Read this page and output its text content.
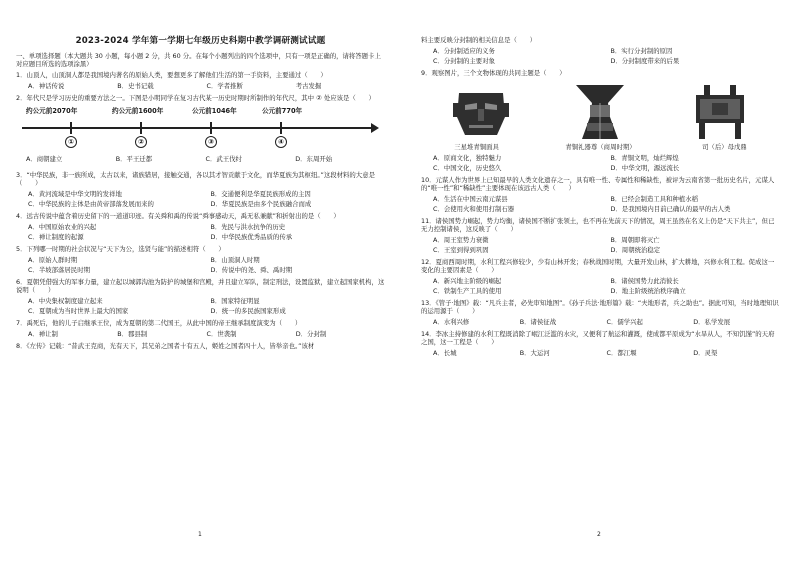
2023-2024 学年第一学期七年级历史科期中教学调研测试试题
一、单项选择题（本大题共 30 小题，每小题 2 分，共 60 分。在每个小题列出的四个选项中，只有一项是正确的，请将答题卡上对应题目所选的选项涂黑）
1．山顶人，山顶洞人都是我国境内著名的原始人类，要想更多了解他们生活的第一手资料，主要通过（　　）
A．神话传说	B．史书记载	C．学者推断	考古发掘
2．年代尺是学习历史的重要方法之一。下图是小明同学在复习古代某一历史时期时所制作的年代尺，其中 ② 处应该是（　　）
约公元前2070年	约公元前1600年	公元前1046年	公元前770年
①	②	③	④
A．商朝建立	B．平王迁都	C．武王伐纣	D．东周开始
3．“中华民族，非一族所成，太古以来，诸族错居，接触交通，各以其才智贡献于文化，而华夏族为其枢纽。”这段材料的大意是（　　）
A．黄河流域是中华文明的发祥地	B．交通便利是华夏民族形成的主因
C．中华民族的主体是由黄帝部落发展而来的	D．华夏民族是由多个民族融合而成
4．远古传说中蕴含着历史留下的一道道印迹。有关舜和禹的传说“舜事感动天，禹无私兼献”和折射出的是（　　）
A．中国原始农业的兴起	B．先民与洪水抗争的历史
C．禅让制度的起源	D．中华民族优秀品质的传承
5．下列哪一时期的社会状况与“天下为公，选贤与能”的描述相符（　　）
A．原始人群时期	B．山顶洞人时期
C．半坡部落居民时期	D．传说中的尧、舜、禹时期
6．夏朝凭借强大的军事力量，建立起以城郭沟池为防护的城堡和宫殿，并且建立军队，制定刑法，设置监狱，建立起国家机构，这说明（　　）
A．中央集权制度建立起来	B．国家特征明显
C．夏朝成为当时世界上最大的国家	D．统一的多民族国家形成
7．禹死后，他的儿子启继承王位，成为夏朝的第二代国王，从此中国的帝王继承制度演变为（　　）
A．禅让制	B．郡县制	C．世袭制	D．分封制
8．《左传》记载：“昔武王克商，光有天下，其兄弟之国者十有五人，姬姓之国者四十人，皆举亲也。”该材
1
料主要反映分封制的相关信息是（　　）
A．分封制适应的义务	B．实行分封制的原因
C．分封制的主要对象	D．分封制度带来的后果
9．观察图片，三个文物体现的共同主题是（　　）
三星堆青铜面具	青铜礼器尊（商周时期）	司（后）母戊鼎
A．原商文化，独特魅力	B．青铜文明，灿烂辉煌
C．中国文化，历史悠久	D．中华文明，源远流长
10．元谋人作为世界上已知最早的人类文化遗存之一，具有唯一性、专属性和稀缺性，被评为云南省第一批历史名片，元谋人的“唯一性”和“稀缺性”主要体现在该远古人类（　　）
A．生活在中国云南元谋县	B．已经会制造工具和种植水稻
C．会使用火和使用打制石器	D．是我国境内目前已确认的最早的古人类
11．诸侯国势力崛起，势力均衡，诸侯国不断扩张领土，也不再在先前天下的情况，周王虽然在名义上仍是“天下共主”，但已无力控制诸侯，这反映了（　　）
A．周王室势力衰微	B．周朝即将灭亡
C．王室到得到巩固	D．周朝统治稳定
12．夏商西周时期，水利工程兴修较少，少有山林开发；春秋战国时期，大量开发山林，扩大耕地，兴修水利工程。促成这一变化的主要因素是（　　）
A．新兴地主阶级的崛起	B．诸侯国势力此消彼长
C．铁制生产工具的使用	D．地主阶级统治秩序确立
13．《管子·地图》载：“凡兵主者，必先审知地图”。《孙子兵法·地形篇》载：“夫地形者，兵之助也”。据此可知，当时地理知识的运用源于（　　）
A．水利兴修	B．诸侯征战	C．儒学兴起	D．私学发展
14．李冰主持修建的水利工程既消除了岷江泛滥的水灾，又便利了航运和灌溉，使成都平原成为“水旱从人，不知饥馑”的天府之国，这一工程是（　　）
A．长城	B．大运河	C．都江堰	D．灵渠
2
